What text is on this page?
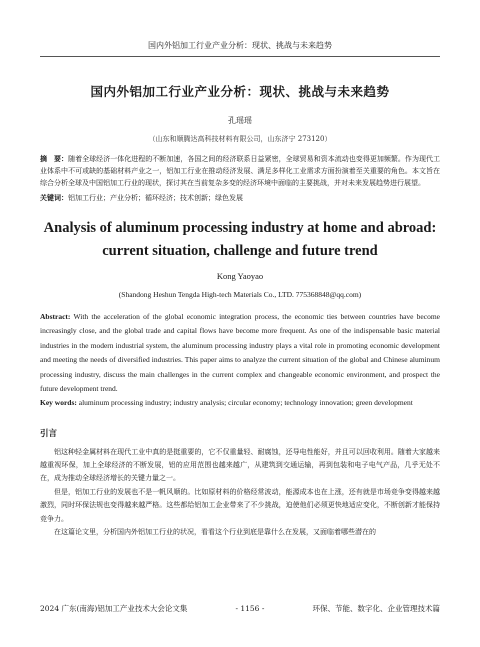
国内外铝加工行业产业分析：现状、挑战与未来趋势
国内外铝加工行业产业分析：现状、挑战与未来趋势
孔瑶瑶
（山东和顺腾达高科技材料有限公司，山东济宁 273120）
摘　要：随着全球经济一体化进程的不断加速，各国之间的经济联系日益紧密，全球贸易和资本流动也变得更加频繁。作为现代工业体系中不可或缺的基础材料产业之一，铝加工行业在推动经济发展、满足多样化工业需求方面扮演着至关重要的角色。本文旨在综合分析全球及中国铝加工行业的现状，探讨其在当前复杂多变的经济环境中面临的主要挑战，并对未来发展趋势进行展望。
关键词：铝加工行业；产业分析；循环经济；技术创新；绿色发展
Analysis of aluminum processing industry at home and abroad: current situation, challenge and future trend
Kong Yaoyao
(Shandong Heshun Tengda High-tech Materials Co., LTD. 775368848@qq.com)
Abstract: With the acceleration of the global economic integration process, the economic ties between countries have become increasingly close, and the global trade and capital flows have become more frequent. As one of the indispensable basic material industries in the modern industrial system, the aluminum processing industry plays a vital role in promoting economic development and meeting the needs of diversified industries. This paper aims to analyze the current situation of the global and Chinese aluminum processing industry, discuss the main challenges in the current complex and changeable economic environment, and prospect the future development trend.
Key words: aluminum processing industry; industry analysis; circular economy; technology innovation; green development
引言

铝这种轻金属材料在现代工业中真的是挺重要的，它不仅重量轻、耐腐蚀，还导电性能好，并且可以回收利用。随着大家越来越重视环保，加上全球经济的不断发展，铝的应用范围也越来越广，从建筑到交通运输，再到包装和电子电气产品，几乎无处不在，成为推动全球经济增长的关键力量之一。

但是，铝加工行业的发展也不是一帆风顺的。比如原材料的价格经常波动，能源成本也在上涨，还有就是市场竞争变得越来越激烈，同时环保法规也变得越来越严格。这些都给铝加工企业带来了不少挑战，迫使他们必须更快地适应变化，不断创新才能保持竞争力。

在这篇论文里，分析国内外铝加工行业的状况，看看这个行业到底是靠什么在发展，又面临着哪些潜在的

2024 广东(南海)铝加工产业技术大会论文集	- 1156 -	环保、节能、数字化、企业管理技术篇
